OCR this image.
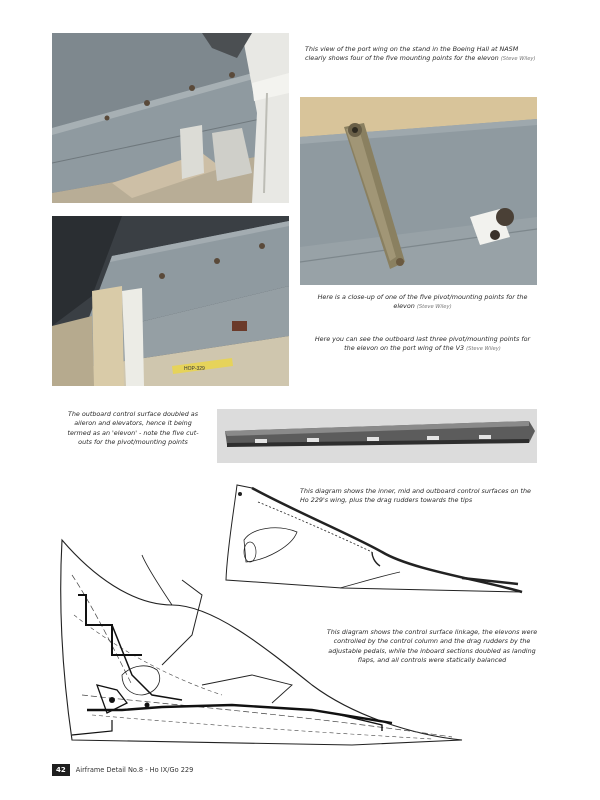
This view of the port wing on the stand in the Boeing Hall at NASM clearly shows four of the five mounting points for the elevon (Steve Wiley)
Here is a close-up of one of the five pivot/mounting points for the elevon (Steve Wiley)
HOP-329
Here you can see the outboard last three pivot/mounting points for the elevon on the port wing of the V3 (Steve Wiley)
The outboard control surface doubled as aileron and elevators, hence it being termed as an 'elevon' - note the five cut-outs for the pivot/mounting points
This diagram shows the inner, mid and outboard control surfaces on the Ho 229's wing, plus the drag rudders towards the tips
This diagram shows the control surface linkage, the elevons were controlled by the control column and the drag rudders by the adjustable pedals, while the inboard sections doubled as landing flaps, and all controls were statically balanced
42	Airframe Detail No.8 - Ho IX/Go 229
